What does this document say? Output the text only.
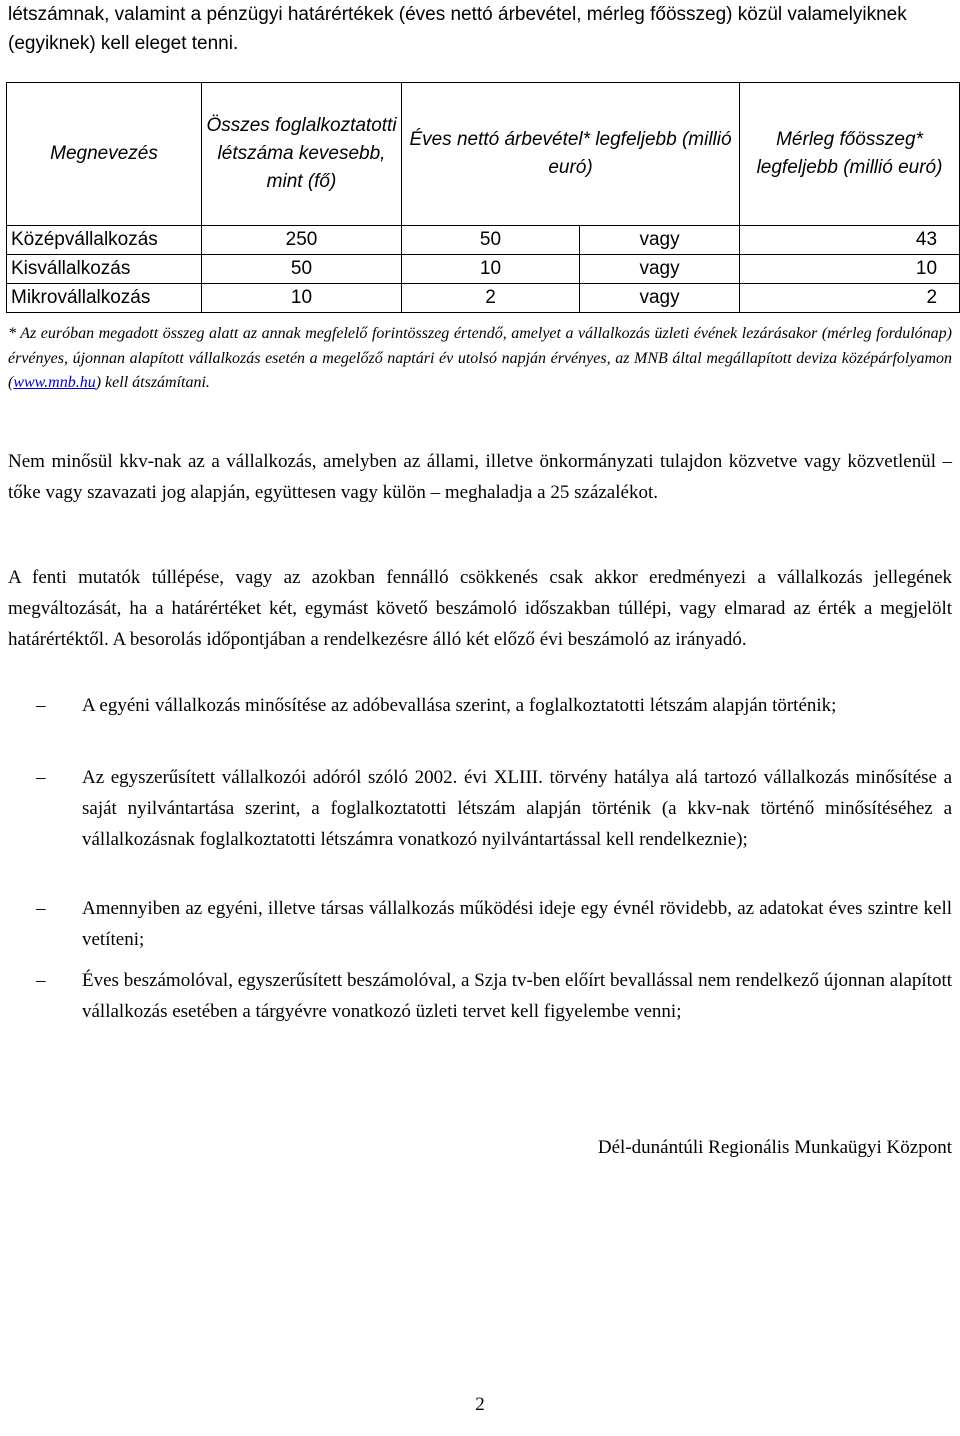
létszámnak, valamint a pénzügyi határértékek (éves nettó árbevétel, mérleg főösszeg) közül valamelyiknek (egyiknek) kell eleget tenni.

Megnevezés	Összes foglalkoztatotti létszáma kevesebb, mint (fő)	Éves nettó árbevétel* legfeljebb (millió euró)		Mérleg főösszeg* legfeljebb (millió euró)
Középvállalkozás	250	50	vagy	43
Kisvállalkozás	50	10	vagy	10
Mikrovállalkozás	10	2	vagy	2

* Az euróban megadott összeg alatt az annak megfelelő forintösszeg értendő, amelyet a vállalkozás üzleti évének lezárásakor (mérleg fordulónap) érvényes, újonnan alapított vállalkozás esetén a megelőző naptári év utolsó napján érvényes, az MNB által megállapított deviza középárfolyamon (www.mnb.hu) kell átszámítani.

Nem minősül kkv-nak az a vállalkozás, amelyben az állami, illetve önkormányzati tulajdon közvetve vagy közvetlenül – tőke vagy szavazati jog alapján, együttesen vagy külön – meghaladja a 25 százalékot.

A fenti mutatók túllépése, vagy az azokban fennálló csökkenés csak akkor eredményezi a vállalkozás jellegének megváltozását, ha a határértéket két, egymást követő beszámoló időszakban túllépi, vagy elmarad az érték a megjelölt határértéktől. A besorolás időpontjában a rendelkezésre álló két előző évi beszámoló az irányadó.

–	A egyéni vállalkozás minősítése az adóbevallása szerint, a foglalkoztatotti létszám alapján történik;
–	Az egyszerűsített vállalkozói adóról szóló 2002. évi XLIII. törvény hatálya alá tartozó vállalkozás minősítése a saját nyilvántartása szerint, a foglalkoztatotti létszám alapján történik (a kkv-nak történő minősítéséhez a vállalkozásnak foglalkoztatotti létszámra vonatkozó nyilvántartással kell rendelkeznie);
–	Amennyiben az egyéni, illetve társas vállalkozás működési ideje egy évnél rövidebb, az adatokat éves szintre kell vetíteni;
–	Éves beszámolóval, egyszerűsített beszámolóval, a Szja tv-ben előírt bevallással nem rendelkező újonnan alapított vállalkozás esetében a tárgyévre vonatkozó üzleti tervet kell figyelembe venni;

Dél-dunántúli Regionális Munkaügyi Központ

2
